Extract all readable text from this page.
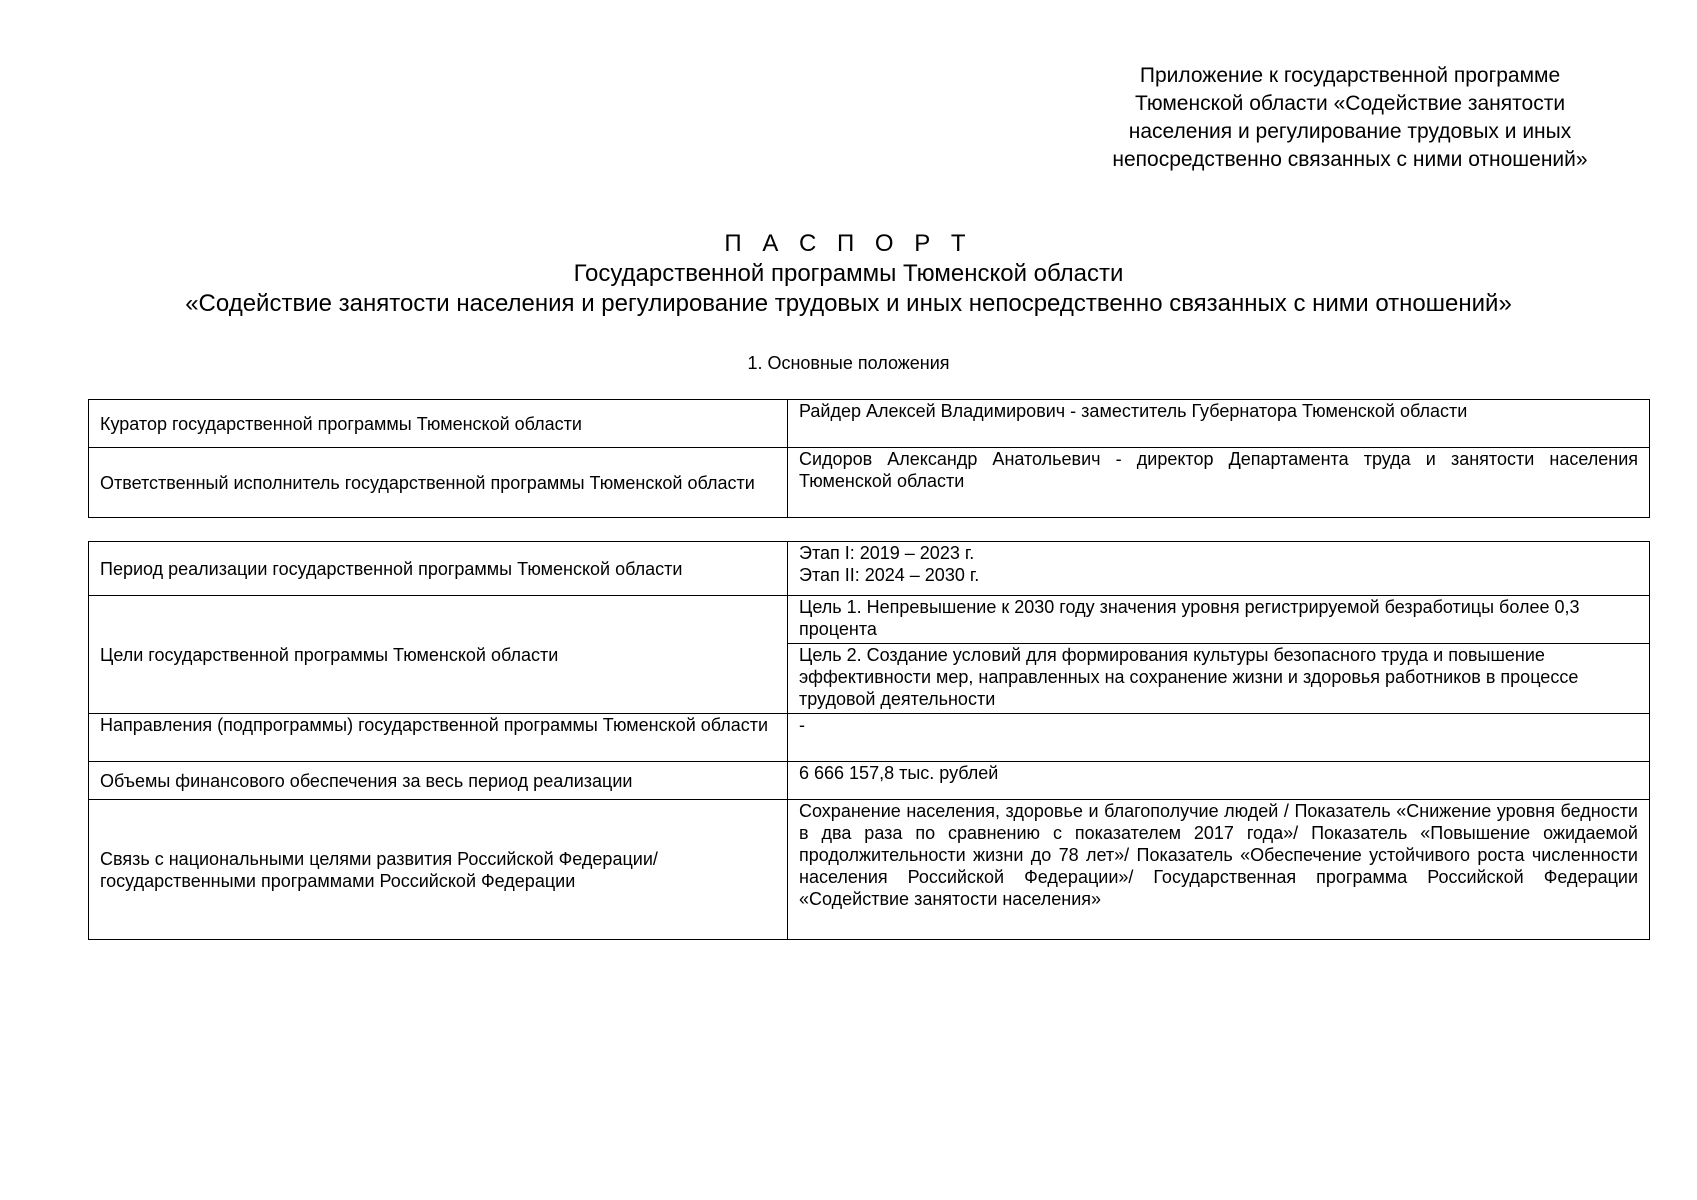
Приложение к государственной программе
Тюменской области «Содействие занятости
населения и регулирование трудовых и иных
непосредственно связанных с ними отношений»
П А С П О Р Т
Государственной программы Тюменской области
«Содействие занятости населения и регулирование трудовых и иных непосредственно связанных с ними отношений»
1. Основные положения
Куратор государственной программы Тюменской области	Райдер Алексей Владимирович - заместитель Губернатора Тюменской области
Ответственный исполнитель государственной программы Тюменской области	Сидоров Александр Анатольевич - директор Департамента труда и занятости населения Тюменской области
Период реализации государственной программы Тюменской области	Этап I: 2019 – 2023 г.
Этап II: 2024 – 2030 г.

Цели государственной программы Тюменской области	Цель 1. Непревышение к 2030 году значения уровня регистрируемой безработицы более 0,3 процента
	Цель 2. Создание условий для формирования культуры безопасного труда и повышение эффективности мер, направленных на сохранение жизни и здоровья работников в процессе трудовой деятельности
Направления (подпрограммы) государственной программы Тюменской области	-
Объемы финансового обеспечения за весь период реализации	6 666 157,8 тыс. рублей
Связь с национальными целями развития Российской Федерации/ государственными программами Российской Федерации	Сохранение населения, здоровье и благополучие людей / Показатель «Снижение уровня бедности в два раза по сравнению с показателем 2017 года»/ Показатель «Повышение ожидаемой продолжительности жизни до 78 лет»/ Показатель «Обеспечение устойчивого роста численности населения Российской Федерации»/ Государственная программа Российской Федерации «Содействие занятости населения»
